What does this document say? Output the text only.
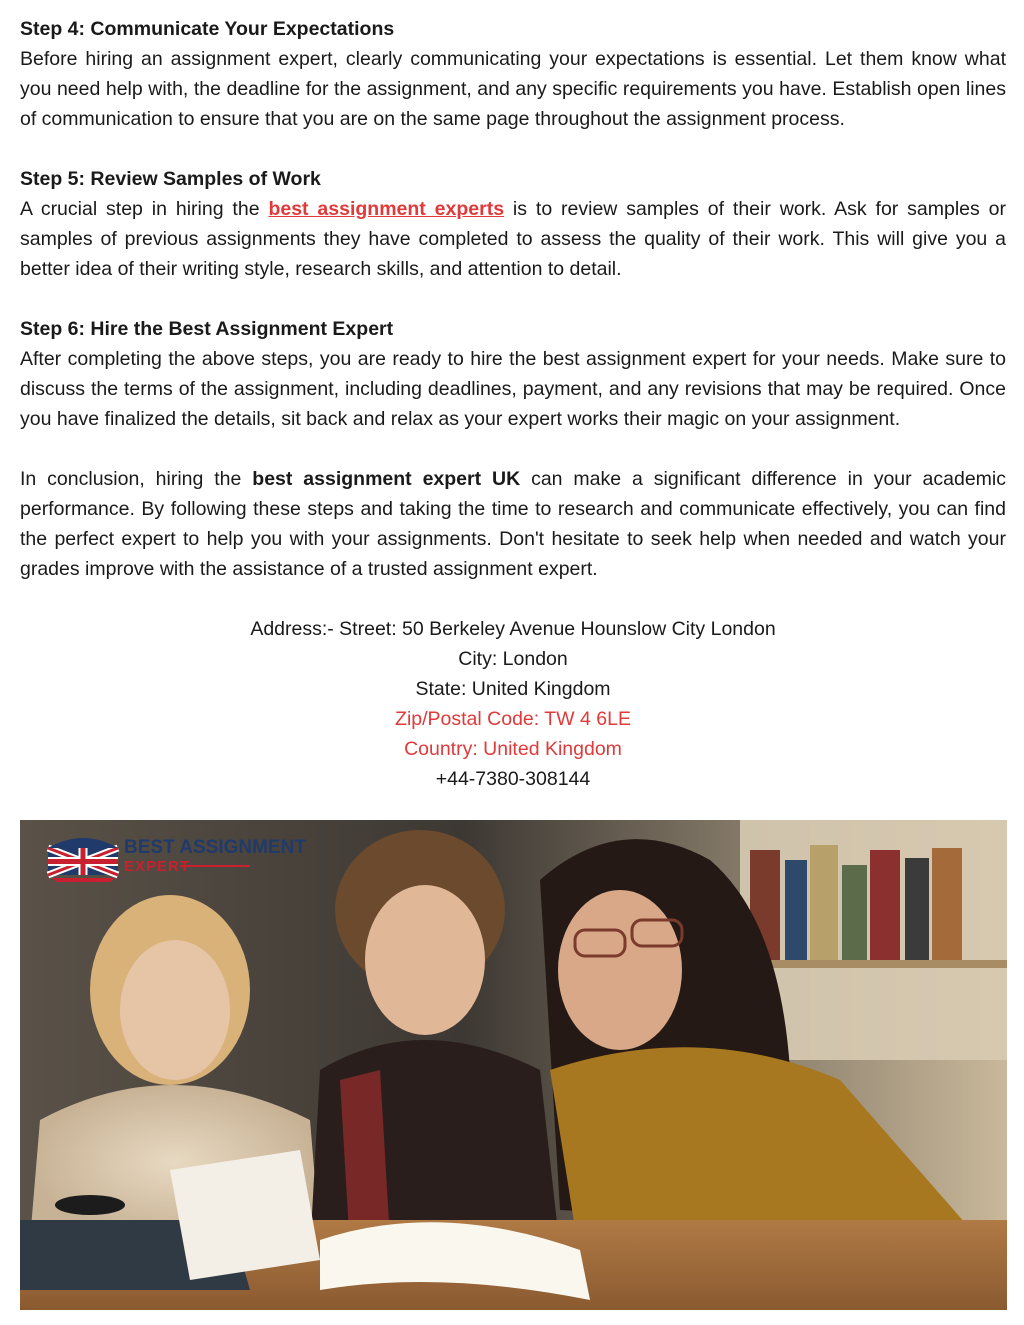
Step 4: Communicate Your Expectations

Before hiring an assignment expert, clearly communicating your expectations is essential. Let them know what you need help with, the deadline for the assignment, and any specific requirements you have. Establish open lines of communication to ensure that you are on the same page throughout the assignment process.

Step 5: Review Samples of Work

A crucial step in hiring the best assignment experts is to review samples of their work. Ask for samples or samples of previous assignments they have completed to assess the quality of their work. This will give you a better idea of their writing style, research skills, and attention to detail.

Step 6: Hire the Best Assignment Expert

After completing the above steps, you are ready to hire the best assignment expert for your needs. Make sure to discuss the terms of the assignment, including deadlines, payment, and any revisions that may be required. Once you have finalized the details, sit back and relax as your expert works their magic on your assignment.

In conclusion, hiring the best assignment expert UK can make a significant difference in your academic performance. By following these steps and taking the time to research and communicate effectively, you can find the perfect expert to help you with your assignments. Don't hesitate to seek help when needed and watch your grades improve with the assistance of a trusted assignment expert.

Address:- Street: 50 Berkeley Avenue Hounslow City London
City: London
State: United Kingdom
Zip/Postal Code: TW 4 6LE
Country: United Kingdom
+44-7380-308144
BEST ASSIGNMENT
EXPERT
